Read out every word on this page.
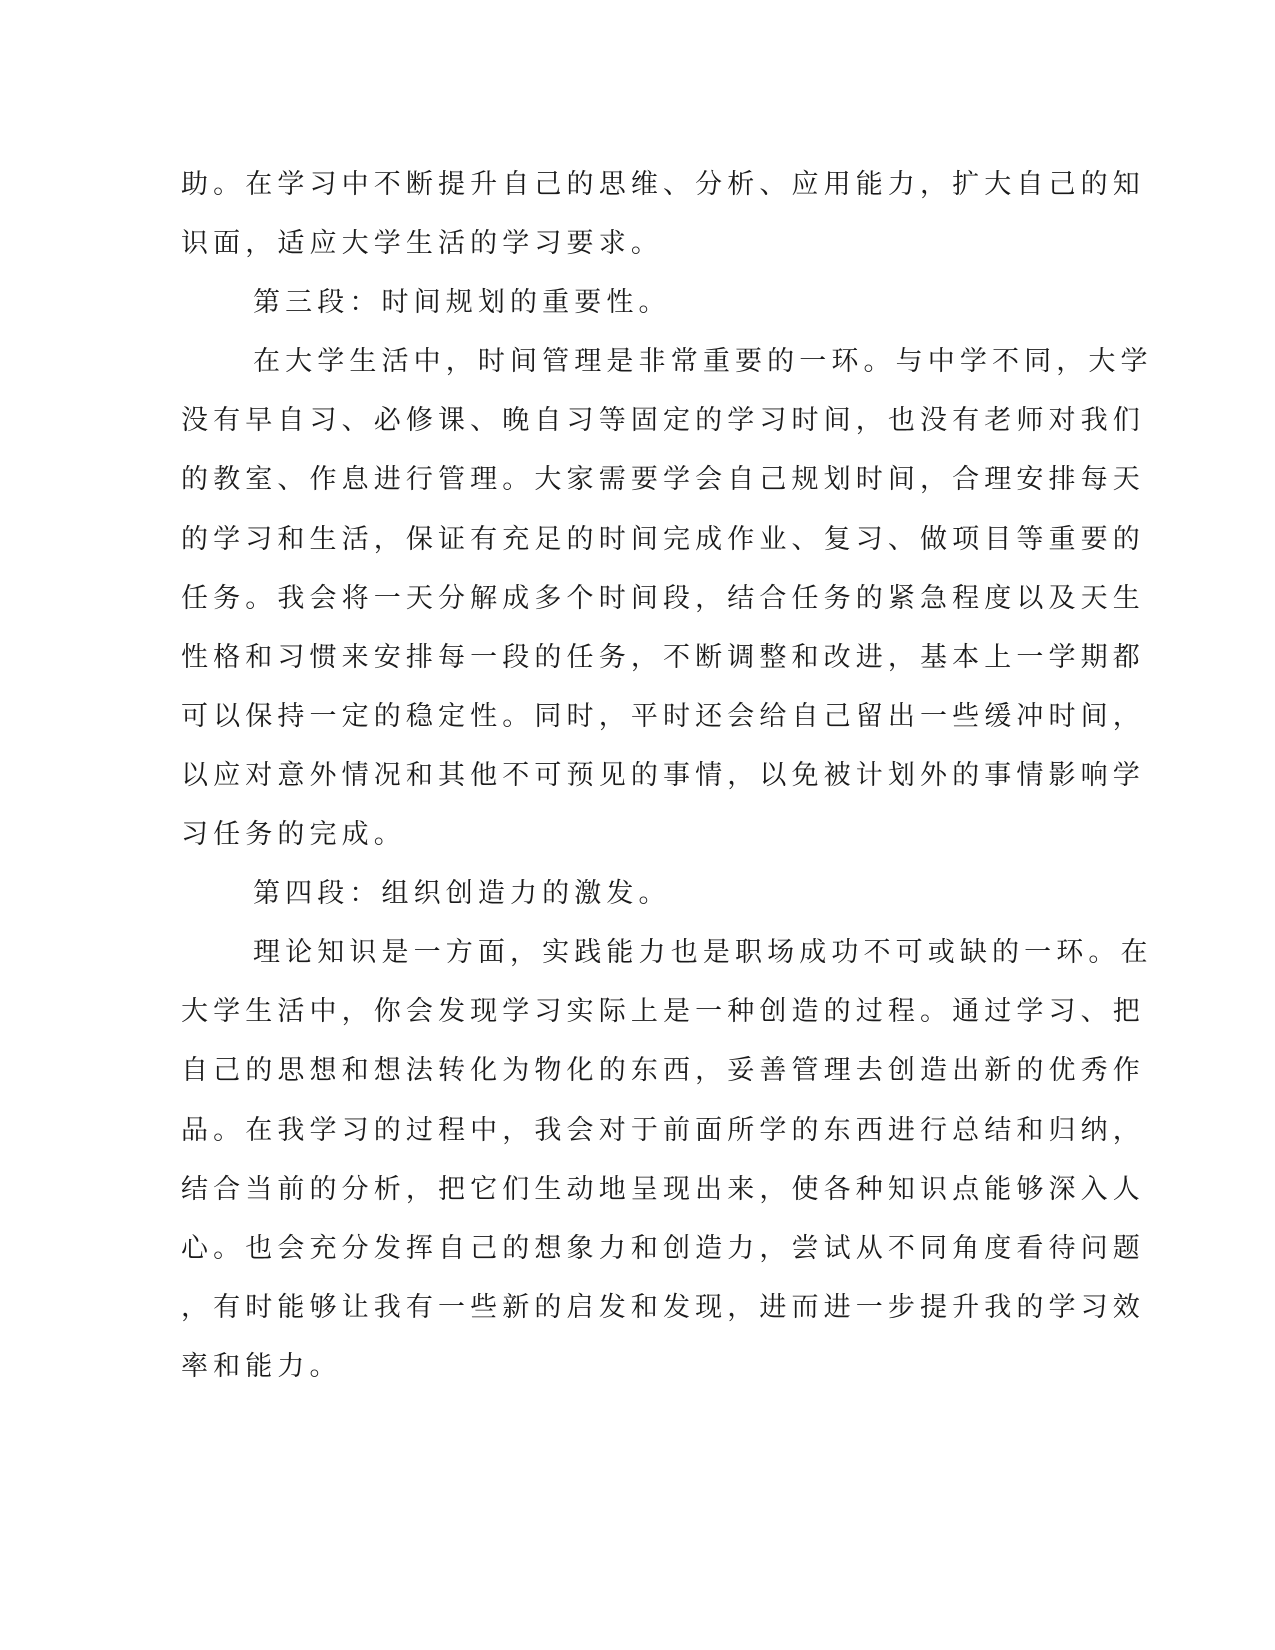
助。在学习中不断提升自己的思维、分析、应用能力，扩大自己的知
识面，适应大学生活的学习要求。
第三段：时间规划的重要性。
在大学生活中，时间管理是非常重要的一环。与中学不同，大学
没有早自习、必修课、晚自习等固定的学习时间，也没有老师对我们
的教室、作息进行管理。大家需要学会自己规划时间，合理安排每天
的学习和生活，保证有充足的时间完成作业、复习、做项目等重要的
任务。我会将一天分解成多个时间段，结合任务的紧急程度以及天生
性格和习惯来安排每一段的任务，不断调整和改进，基本上一学期都
可以保持一定的稳定性。同时，平时还会给自己留出一些缓冲时间，
以应对意外情况和其他不可预见的事情，以免被计划外的事情影响学
习任务的完成。
第四段：组织创造力的激发。
理论知识是一方面，实践能力也是职场成功不可或缺的一环。在
大学生活中，你会发现学习实际上是一种创造的过程。通过学习、把
自己的思想和想法转化为物化的东西，妥善管理去创造出新的优秀作
品。在我学习的过程中，我会对于前面所学的东西进行总结和归纳，
结合当前的分析，把它们生动地呈现出来，使各种知识点能够深入人
心。也会充分发挥自己的想象力和创造力，尝试从不同角度看待问题
，有时能够让我有一些新的启发和发现，进而进一步提升我的学习效
率和能力。
